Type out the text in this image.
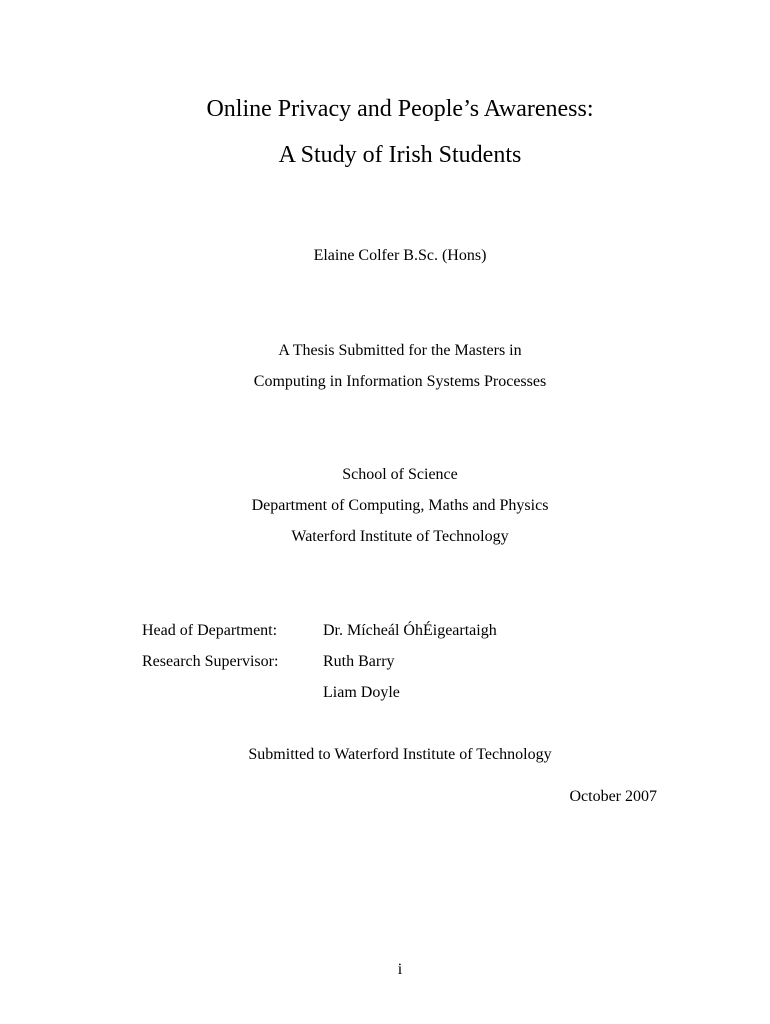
Online Privacy and People’s Awareness:
A Study of Irish Students
Elaine Colfer B.Sc. (Hons)
A Thesis Submitted for the Masters in
Computing in Information Systems Processes
School of Science
Department of Computing, Maths and Physics
Waterford Institute of Technology
Head of Department:	Dr. Mícheál ÓhÉigeartaigh
Research Supervisor:	Ruth Barry
Liam Doyle
Submitted to Waterford Institute of Technology
October 2007
i
